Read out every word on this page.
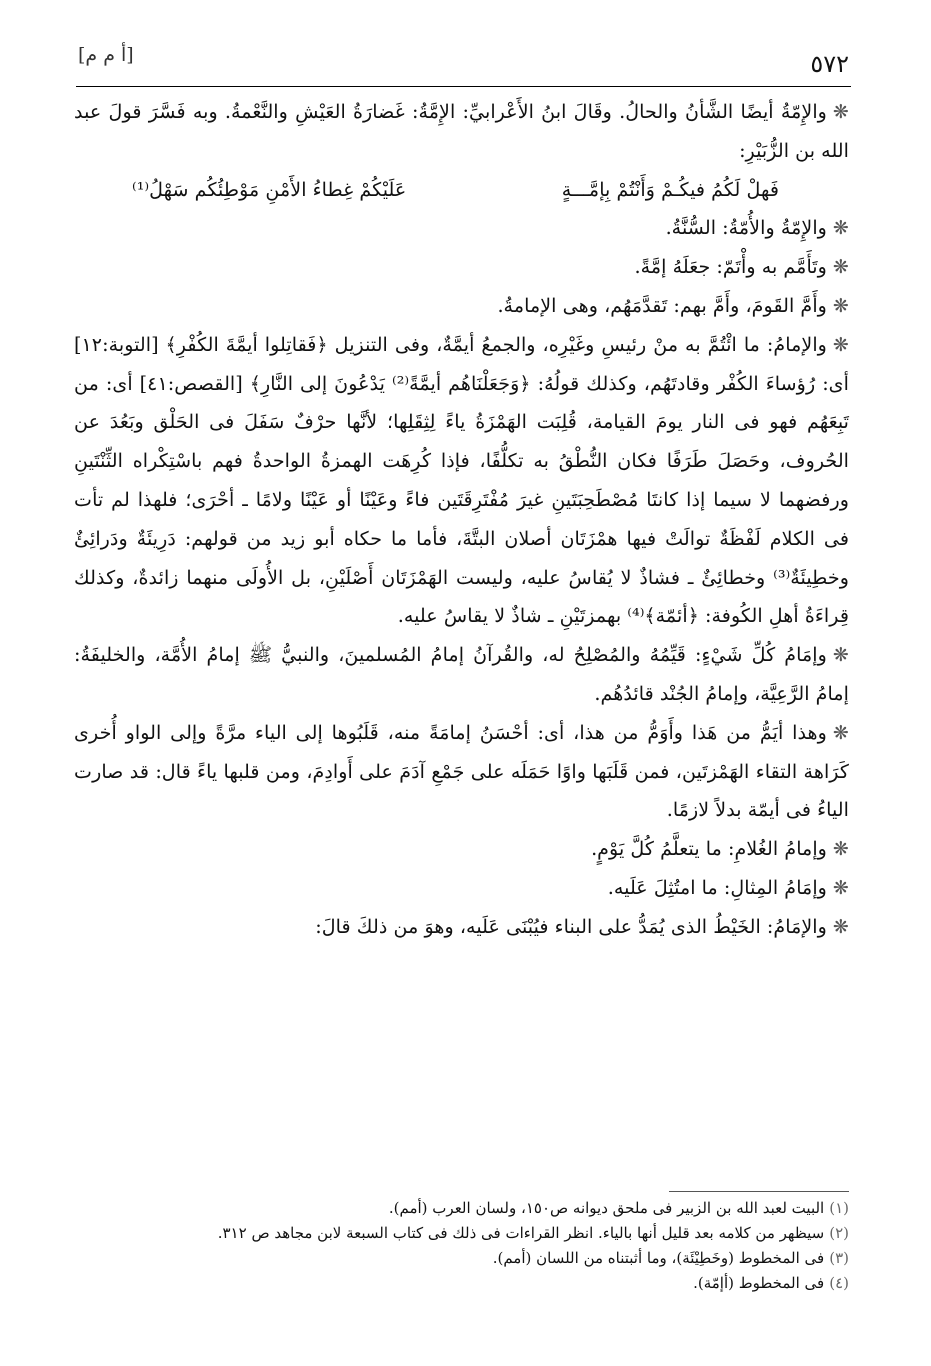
٥٧٢
[أ م م]

❋والإِمّةُ أيضًا الشَّأنُ والحالُ. وقَالَ ابنُ الأَعْرابيِّ: الإِمَّةُ: غَضارَةُ العَيْشِ والنَّعْمةُ. وبه فَسَّرَ قولَ عبد الله بن الزُّبَيْرِ:

فَهلْ لَكُمُ فيكُـمْ وَأَنْتُمْ بِإمَّـــةٍ
عَلَيْكُمْ غِطاءُ الأَمْنِ مَوْطِئُكُم سَهْلُ⁽¹⁾

❋والإِمّةُ والأُمّةُ: السُّنَّةُ.

❋وتَأَمَّم به وأْتَمّ: جعَلَهُ إمَّةً.

❋وأَمَّ القَومَ، وأَمَّ بهم: تَقدَّمَهُم، وهى الإمامةُ.

❋والإمامُ: ما ائْتُمَّ به منْ رئيسِ وغَيْرِه، والجمعُ أيمَّةٌ، وفى التنزيل ﴿فَقاتِلوا أيمَّةَ الكُفْرِ﴾ [التوبة:١٢] أى: رُؤساءَ الكُفْر وقادتَهُم، وكذلك قولُهُ: ﴿وَجَعَلْنَاهُم أيمَّةً⁽²⁾ يَدْعُونَ إلى النَّارِ﴾ [القصص:٤١] أى: من تَبِعَهُم فهو فى النار يومَ القيامة، قُلِبَت الهَمْزَةُ ياءً لِثِقَلِها؛ لأنَّها حرْفٌ سَفَلَ فى الحَلْق وبَعُدَ عن الحُروف، وحَصَلَ طَرَفًا فكان النُّطْقُ به تكلُّفًا، فإذا كُرِهَت الهمزةُ الواحدةُ فهم باسْتِكْراه الثِّنْتَينِ ورفضهما لا سيما إذا كانتَا مُصْطَحِبَتَينِ غيرَ مُفْتَرِقَتَين فاءً وعَيْنًا أو عَيْنًا ولامًا ـ أحْرَى؛ فلهذا لم تأت فى الكلام لَفْظَةٌ توالَتْ فيها همْزَتَان أصلان البتَّةَ، فأما ما حكاه أبو زيد من قولهم: دَرِيئَةٌ ودَرائِئٌ وخطِيئَةٌ⁽³⁾ وخطائِئٌ ـ فشاذٌ لا يُقاسُ عليه، وليست الهَمْزَتَان أَصْلَيْنِ، بل الأُولَى منهما زائدةٌ، وكذلك قِراءَةُ أهلِ الكُوفة: ﴿أئمّة﴾⁽⁴⁾ بهمزتَيْنِ ـ شاذٌ لا يقاسُ عليه.

❋وإمَامُ كُلِّ شَيْءٍ: قَيِّمُهُ والمُصْلِحُ له، والقُرآنُ إمامُ المُسلمينَ، والنبيُّ ﷺ إمامُ الأُمَّة، والخليفَةُ: إمامُ الرَّعِيَّة، وإمامُ الجُنْد قائدُهُم.

❋وهذا أيَمُّ من هَذا وأَوَمُّ من هذا، أى: أحْسَنُ إمامَةً منه، قَلَبُوها إلى الياء مرَّةً وإلى الواو أُخرى كَرَاهة التقاء الهَمْزتَين، فمن قَلَبَها واوًا حَمَلَه على جَمْعِ آدَمَ على أَوادِمَ، ومن قلبها ياءً قال: قد صارت الياءُ فى أيمّة بدلاً لازمًا.

❋وإمامُ الغُلامِ: ما يتعلَّمُ كُلَّ يَوْمٍ.

❋وإمَامُ المِثالِ: ما امتُثِلَ عَلَيه.

❋والإمَامُ: الخَيْطُ الذى يُمَدُّ على البناء فيُبْنَى عَلَيه، وهوَ من ذلكَ قالَ:

(١)البيت لعبد الله بن الزبير فى ملحق ديوانه ص١٥٠، ولسان العرب (أمم).
(٢)سيظهر من كلامه بعد قليل أنها بالياء. انظر القراءات فى ذلك فى كتاب السبعة لابن مجاهد ص ٣١٢.
(٣)فى المخطوط (وخَطِيْئَة)، وما أثبتناه من اللسان (أمم).
(٤)فى المخطوط (أإمّة).
